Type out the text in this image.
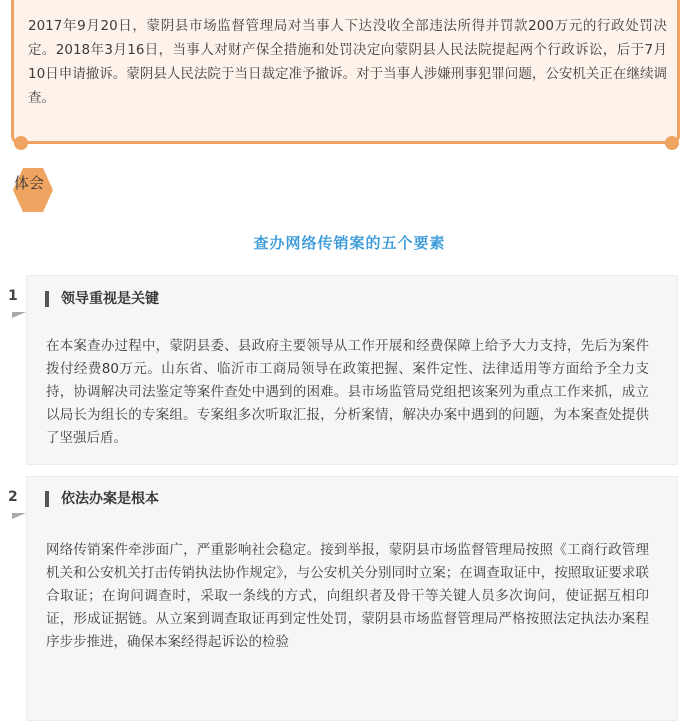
2017年9月20日，蒙阴县市场监督管理局对当事人下达没收全部违法所得并罚款200万元的行政处罚决定。2018年3月16日，当事人对财产保全措施和处罚决定向蒙阴县人民法院提起两个行政诉讼，后于7月10日申请撤诉。蒙阴县人民法院于当日裁定准予撤诉。对于当事人涉嫌刑事犯罪问题，公安机关正在继续调查。

体会
查办网络传销案的五个要素
1	领导重视是关键

在本案查办过程中，蒙阴县委、县政府主要领导从工作开展和经费保障上给予大力支持，先后为案件拨付经费80万元。山东省、临沂市工商局领导在政策把握、案件定性、法律适用等方面给予全力支持，协调解决司法鉴定等案件查处中遇到的困难。县市场监管局党组把该案列为重点工作来抓，成立以局长为组长的专案组。专案组多次听取汇报，分析案情，解决办案中遇到的问题，为本案查处提供了坚强后盾。

2	依法办案是根本

网络传销案件牵涉面广，严重影响社会稳定。接到举报，蒙阴县市场监督管理局按照《工商行政管理机关和公安机关打击传销执法协作规定》，与公安机关分别同时立案；在调查取证中，按照取证要求联合取证；在询问调查时，采取一条线的方式，向组织者及骨干等关键人员多次询问，使证据互相印证，形成证据链。从立案到调查取证再到定性处罚，蒙阴县市场监督管理局严格按照法定执法办案程序步步推进，确保本案经得起诉讼的检验
